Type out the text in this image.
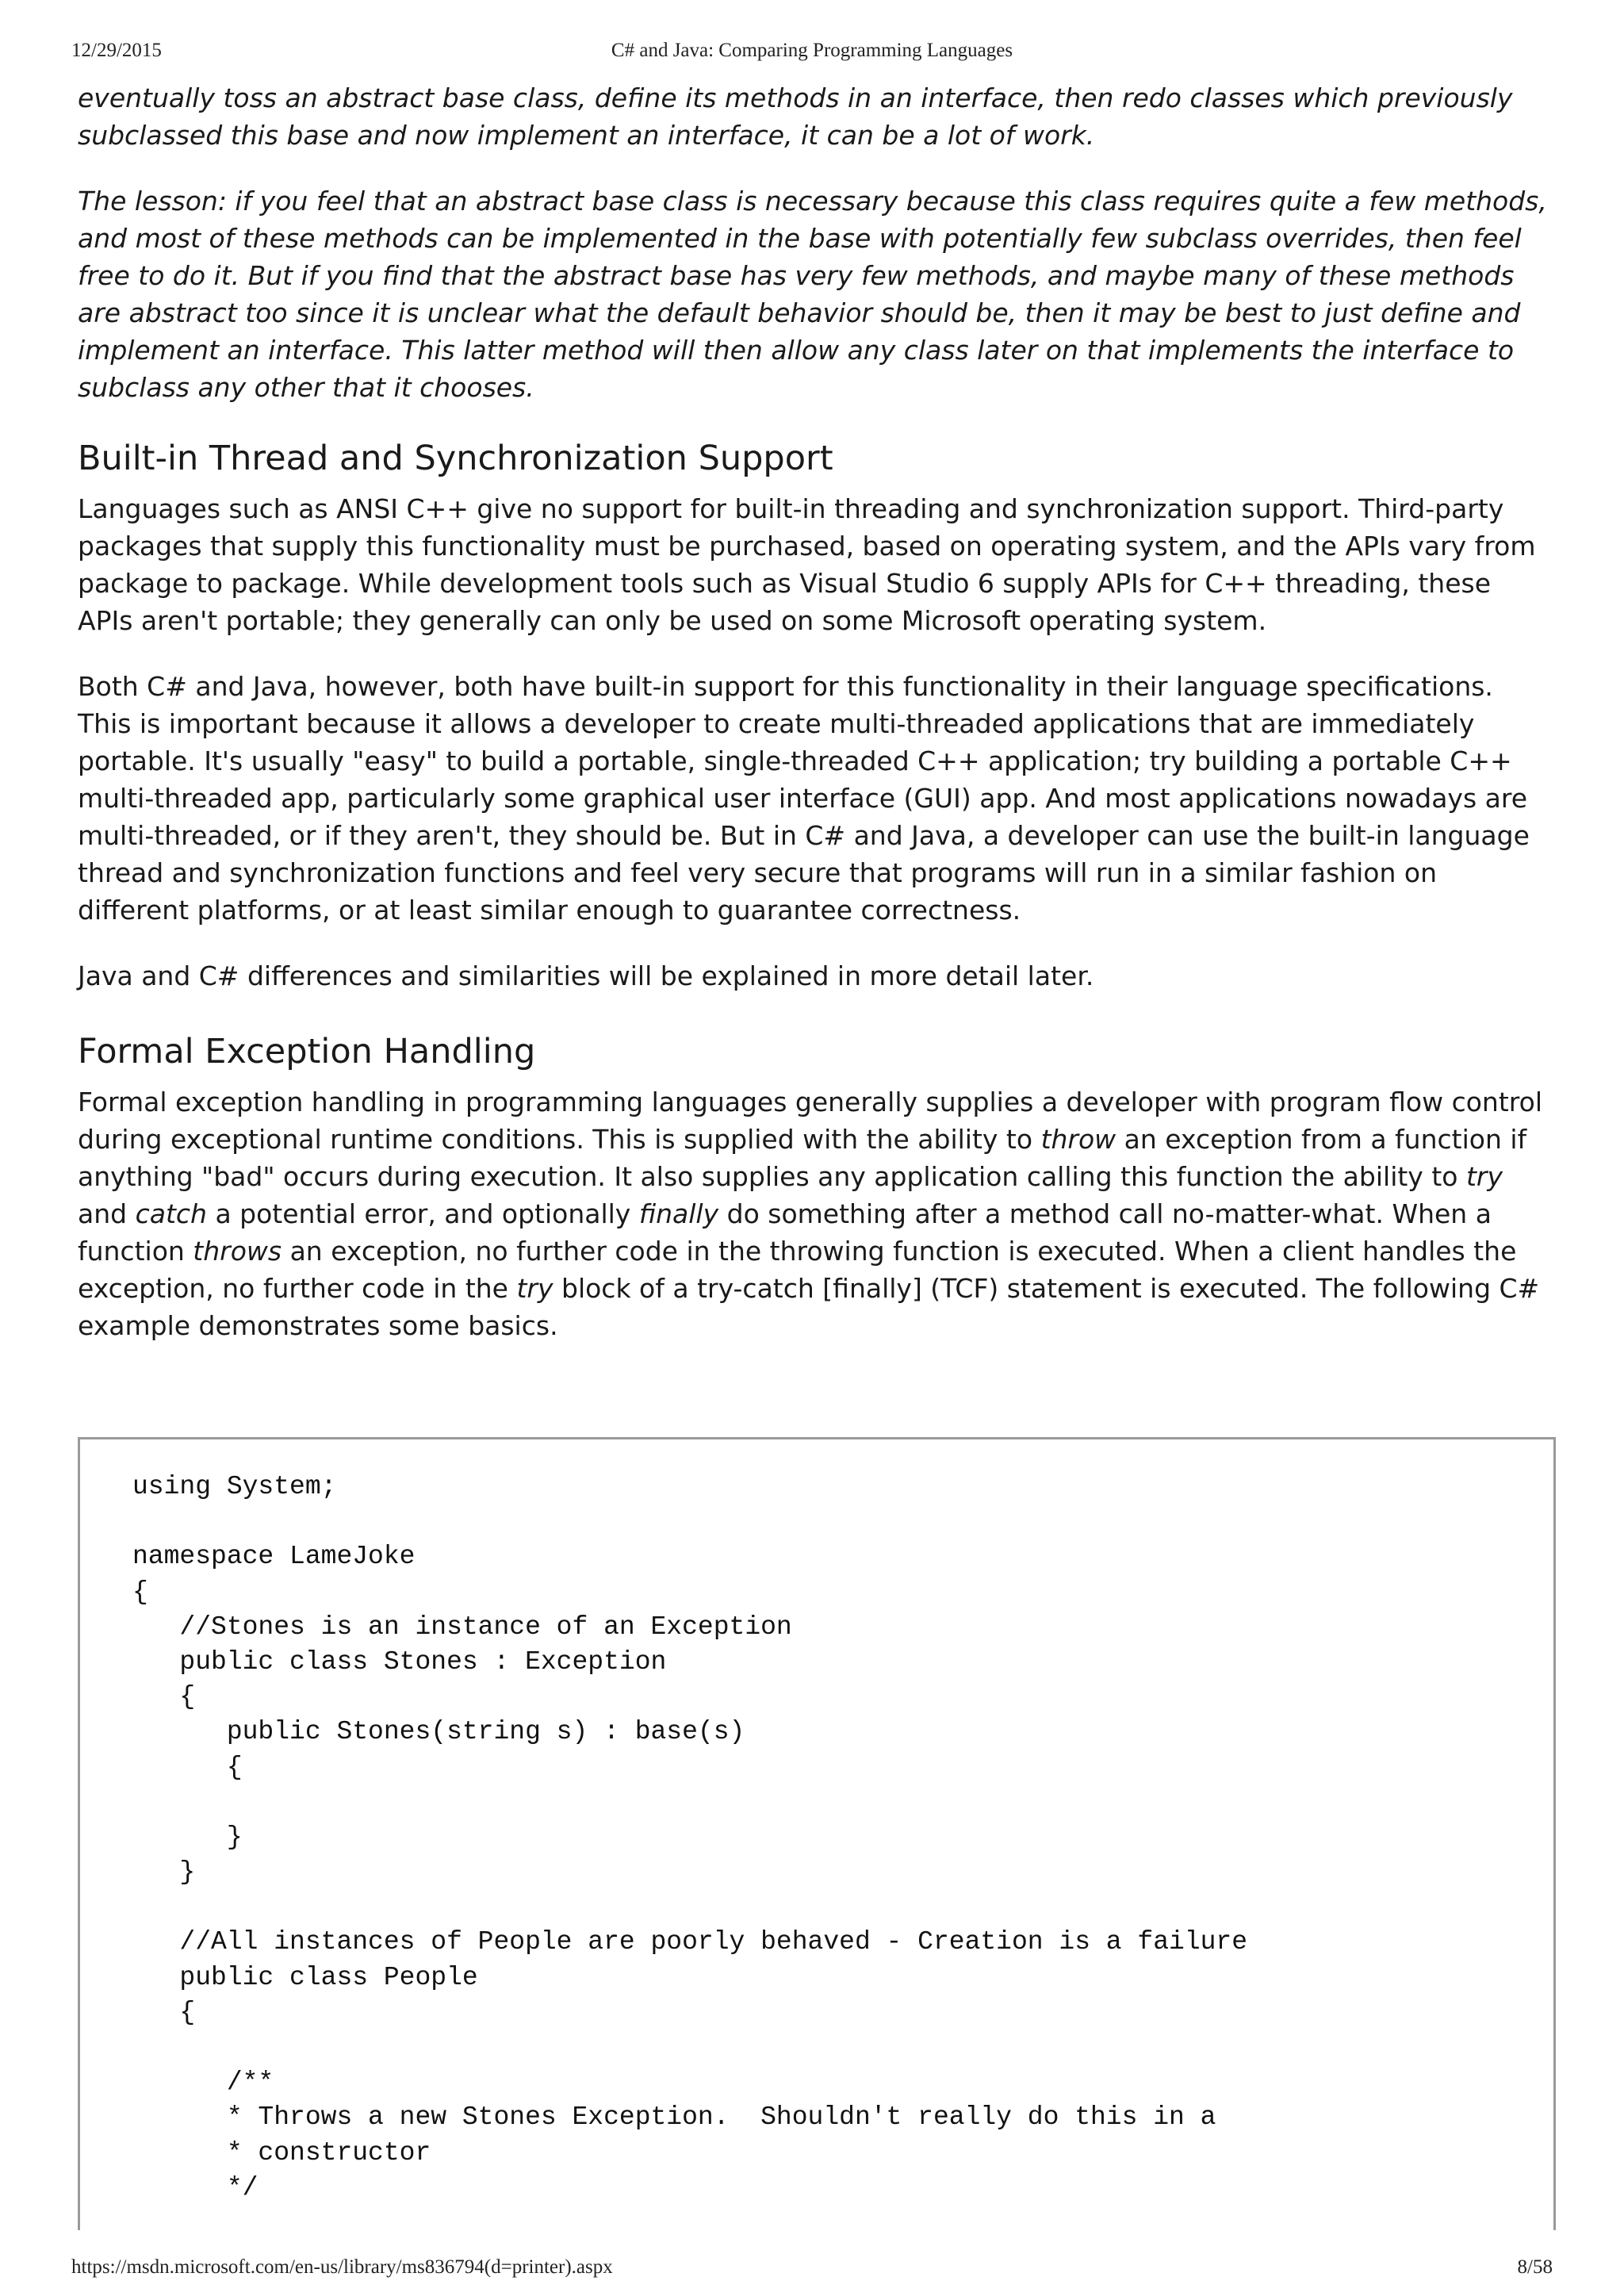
12/29/2015	C# and Java: Comparing Programming Languages

eventually toss an abstract base class, define its methods in an interface, then redo classes which previously subclassed this base and now implement an interface, it can be a lot of work.

The lesson: if you feel that an abstract base class is necessary because this class requires quite a few methods, and most of these methods can be implemented in the base with potentially few subclass overrides, then feel free to do it. But if you find that the abstract base has very few methods, and maybe many of these methods are abstract too since it is unclear what the default behavior should be, then it may be best to just define and implement an interface. This latter method will then allow any class later on that implements the interface to subclass any other that it chooses.

Built-in Thread and Synchronization Support

Languages such as ANSI C++ give no support for built-in threading and synchronization support. Third-party packages that supply this functionality must be purchased, based on operating system, and the APIs vary from package to package. While development tools such as Visual Studio 6 supply APIs for C++ threading, these APIs aren't portable; they generally can only be used on some Microsoft operating system.

Both C# and Java, however, both have built-in support for this functionality in their language specifications. This is important because it allows a developer to create multi-threaded applications that are immediately portable. It's usually "easy" to build a portable, single-threaded C++ application; try building a portable C++ multi-threaded app, particularly some graphical user interface (GUI) app. And most applications nowadays are multi-threaded, or if they aren't, they should be. But in C# and Java, a developer can use the built-in language thread and synchronization functions and feel very secure that programs will run in a similar fashion on different platforms, or at least similar enough to guarantee correctness.

Java and C# differences and similarities will be explained in more detail later.

Formal Exception Handling

Formal exception handling in programming languages generally supplies a developer with program flow control during exceptional runtime conditions. This is supplied with the ability to throw an exception from a function if anything "bad" occurs during execution. It also supplies any application calling this function the ability to try and catch a potential error, and optionally finally do something after a method call no-matter-what. When a function throws an exception, no further code in the throwing function is executed. When a client handles the exception, no further code in the try block of a try-catch [finally] (TCF) statement is executed. The following C# example demonstrates some basics.

using System;
namespace LameJoke
{
//Stones is an instance of an Exception
public class Stones : Exception
{
public Stones(string s) : base(s)
{
}
}
//All instances of People are poorly behaved - Creation is a failure
public class People
{
/**
* Throws a new Stones Exception.  Shouldn't really do this in a
* constructor
*/
https://msdn.microsoft.com/en-us/library/ms836794(d=printer).aspx	8/58
